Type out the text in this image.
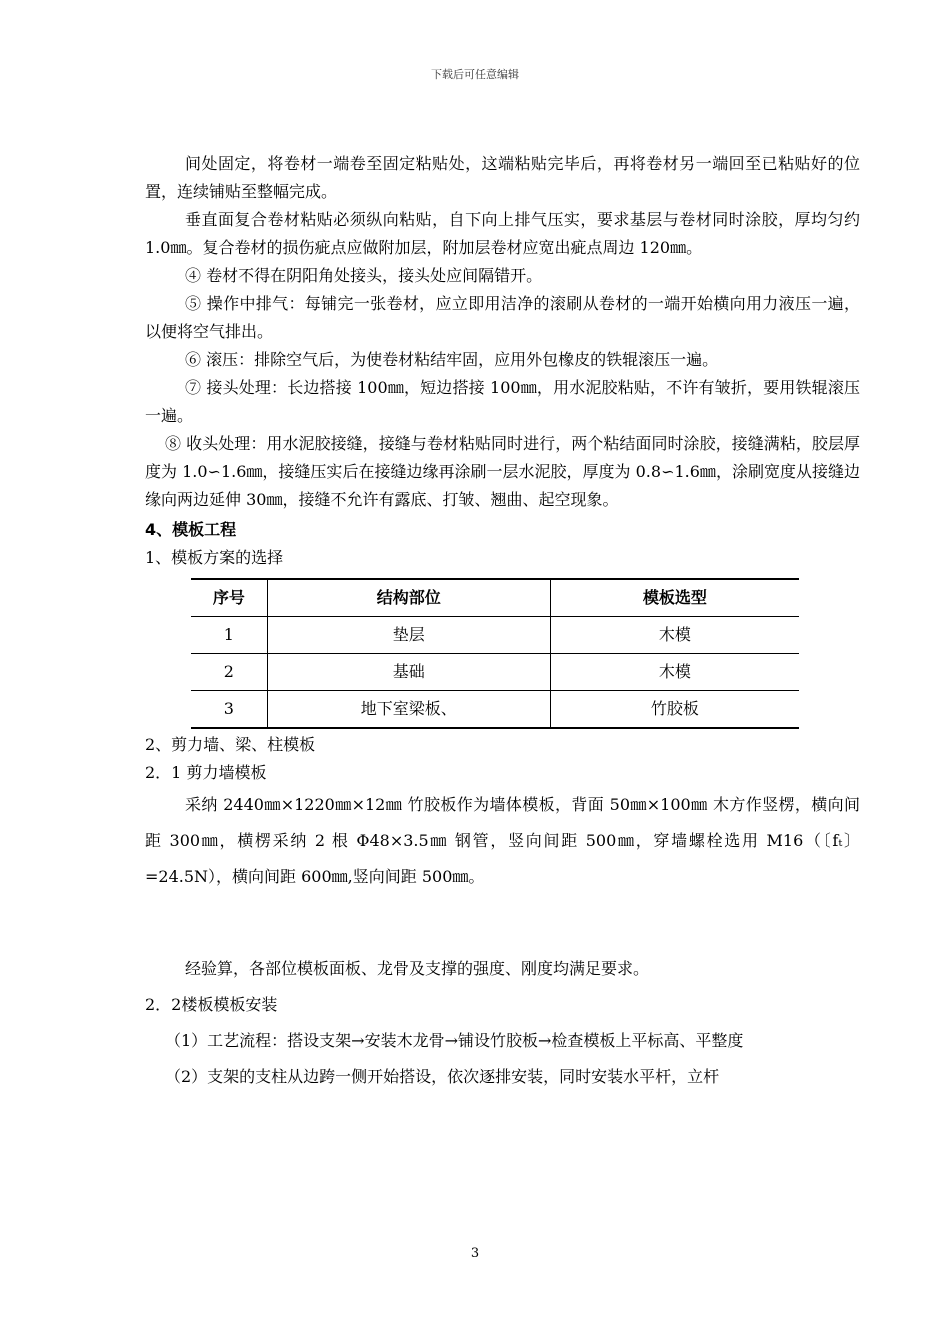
下载后可任意编辑

间处固定，将卷材一端卷至固定粘贴处，这端粘贴完毕后，再将卷材另一端回至已粘贴好的位置，连续铺贴至整幅完成。

垂直面复合卷材粘贴必须纵向粘贴，自下向上排气压实，要求基层与卷材同时涂胶，厚均匀约 1.0㎜。复合卷材的损伤疵点应做附加层，附加层卷材应宽出疵点周边 120㎜。

④ 卷材不得在阴阳角处接头，接头处应间隔错开。

⑤ 操作中排气：每铺完一张卷材，应立即用洁净的滚刷从卷材的一端开始横向用力液压一遍，以便将空气排出。

⑥ 滚压：排除空气后，为使卷材粘结牢固，应用外包橡皮的铁辊滚压一遍。

⑦ 接头处理：长边搭接 100㎜，短边搭接 100㎜，用水泥胶粘贴，不许有皱折，要用铁辊滚压一遍。

⑧ 收头处理：用水泥胶接缝，接缝与卷材粘贴同时进行，两个粘结面同时涂胶，接缝满粘，胶层厚度为 1.0∽1.6㎜，接缝压实后在接缝边缘再涂刷一层水泥胶，厚度为 0.8∽1.6㎜，涂刷宽度从接缝边缘向两边延伸 30㎜，接缝不允许有露底、打皱、翘曲、起空现象。

4、模板工程

1、模板方案的选择

序号	结构部位	模板选型
1	垫层	木模
2	基础	木模
3	地下室梁板、	竹胶板

2、剪力墙、梁、柱模板

2．1 剪力墙模板

采纳 2440㎜×1220㎜×12㎜ 竹胶板作为墙体模板，背面 50㎜×100㎜ 木方作竖楞，横向间距 300㎜，横楞采纳 2 根 Φ48×3.5㎜ 钢管，竖向间距 500㎜，穿墙螺栓选用 M16（〔fₜ〕=24.5N），横向间距 600㎜,竖向间距 500㎜。

经验算，各部位模板面板、龙骨及支撑的强度、刚度均满足要求。

2．2楼板模板安装

（1）工艺流程：搭设支架→安装木龙骨→铺设竹胶板→检查模板上平标高、平整度

（2）支架的支柱从边跨一侧开始搭设，依次逐排安装，同时安装水平杆，立杆

3
